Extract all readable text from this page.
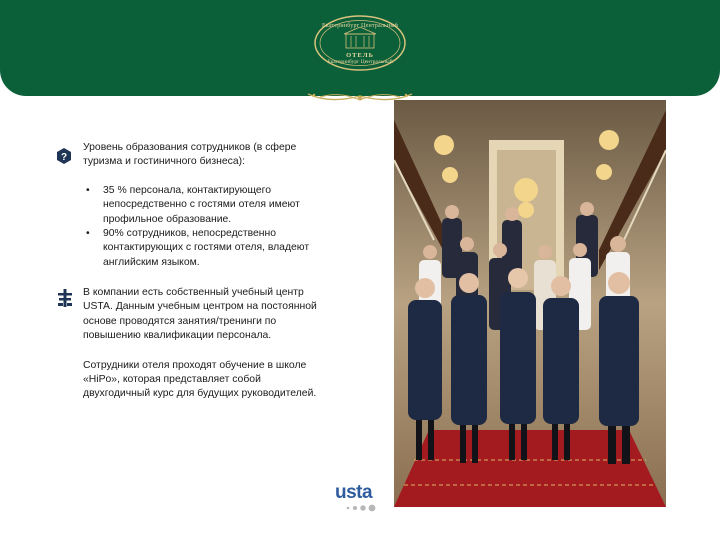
Екатеринбург Центральный
ОТЕЛЬ
Екатеринбург Центральный
?
Уровень образования сотрудников (в сфере туризма и гостиничного бизнеса):
• 35 % персонала, контактирующего непосредственно с гостями отеля имеют профильное образование.
• 90% сотрудников, непосредственно контактирующих с гостями отеля, владеют английским языком.
В компании есть собственный учебный центр USTA. Данным учебным центром на постоянной основе проводятся занятия/тренинги по повышению квалификации персонала.
Сотрудники отеля проходят обучение в школе «HiPo», которая представляет собой двухгодичный курс для будущих руководителей.
usta
